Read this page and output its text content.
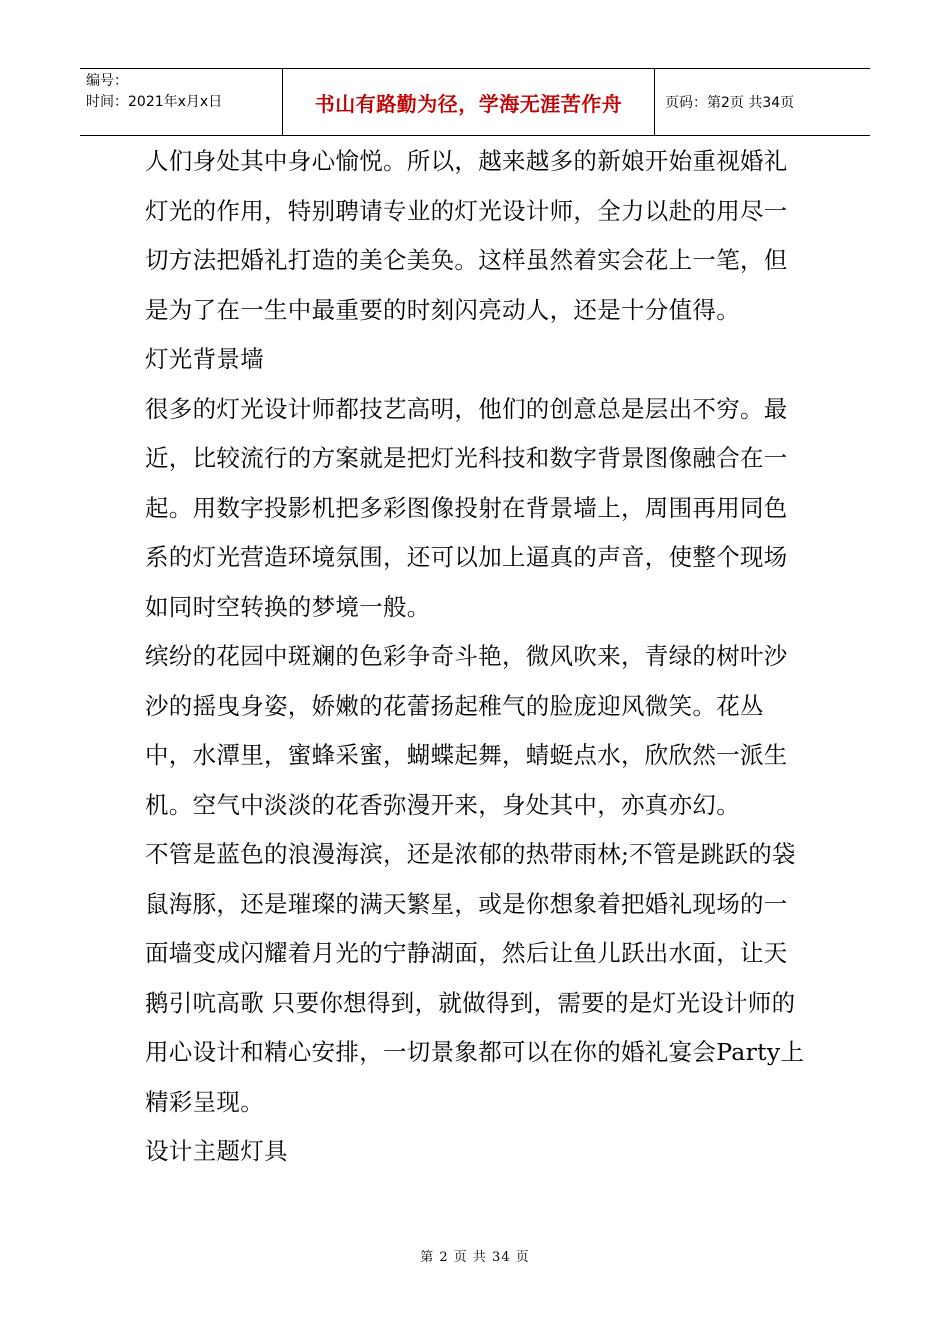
编号：
时间：2021年x月x日	书山有路勤为径，学海无涯苦作舟	页码：第2页 共34页

人们身处其中身心愉悦。所以，越来越多的新娘开始重视婚礼灯光的作用，特别聘请专业的灯光设计师，全力以赴的用尽一切方法把婚礼打造的美仑美奂。这样虽然着实会花上一笔，但是为了在一生中最重要的时刻闪亮动人，还是十分值得。

灯光背景墙

很多的灯光设计师都技艺高明，他们的创意总是层出不穷。最近，比较流行的方案就是把灯光科技和数字背景图像融合在一起。用数字投影机把多彩图像投射在背景墙上，周围再用同色系的灯光营造环境氛围，还可以加上逼真的声音，使整个现场如同时空转换的梦境一般。

缤纷的花园中斑斓的色彩争奇斗艳，微风吹来，青绿的树叶沙沙的摇曳身姿，娇嫩的花蕾扬起稚气的脸庞迎风微笑。花丛中，水潭里，蜜蜂采蜜，蝴蝶起舞，蜻蜓点水，欣欣然一派生机。空气中淡淡的花香弥漫开来，身处其中，亦真亦幻。

不管是蓝色的浪漫海滨，还是浓郁的热带雨林;不管是跳跃的袋鼠海豚，还是璀璨的满天繁星，或是你想象着把婚礼现场的一面墙变成闪耀着月光的宁静湖面，然后让鱼儿跃出水面，让天鹅引吭高歌 只要你想得到，就做得到，需要的是灯光设计师的用心设计和精心安排，一切景象都可以在你的婚礼宴会Party上精彩呈现。

设计主题灯具

第 2 页 共 34 页
